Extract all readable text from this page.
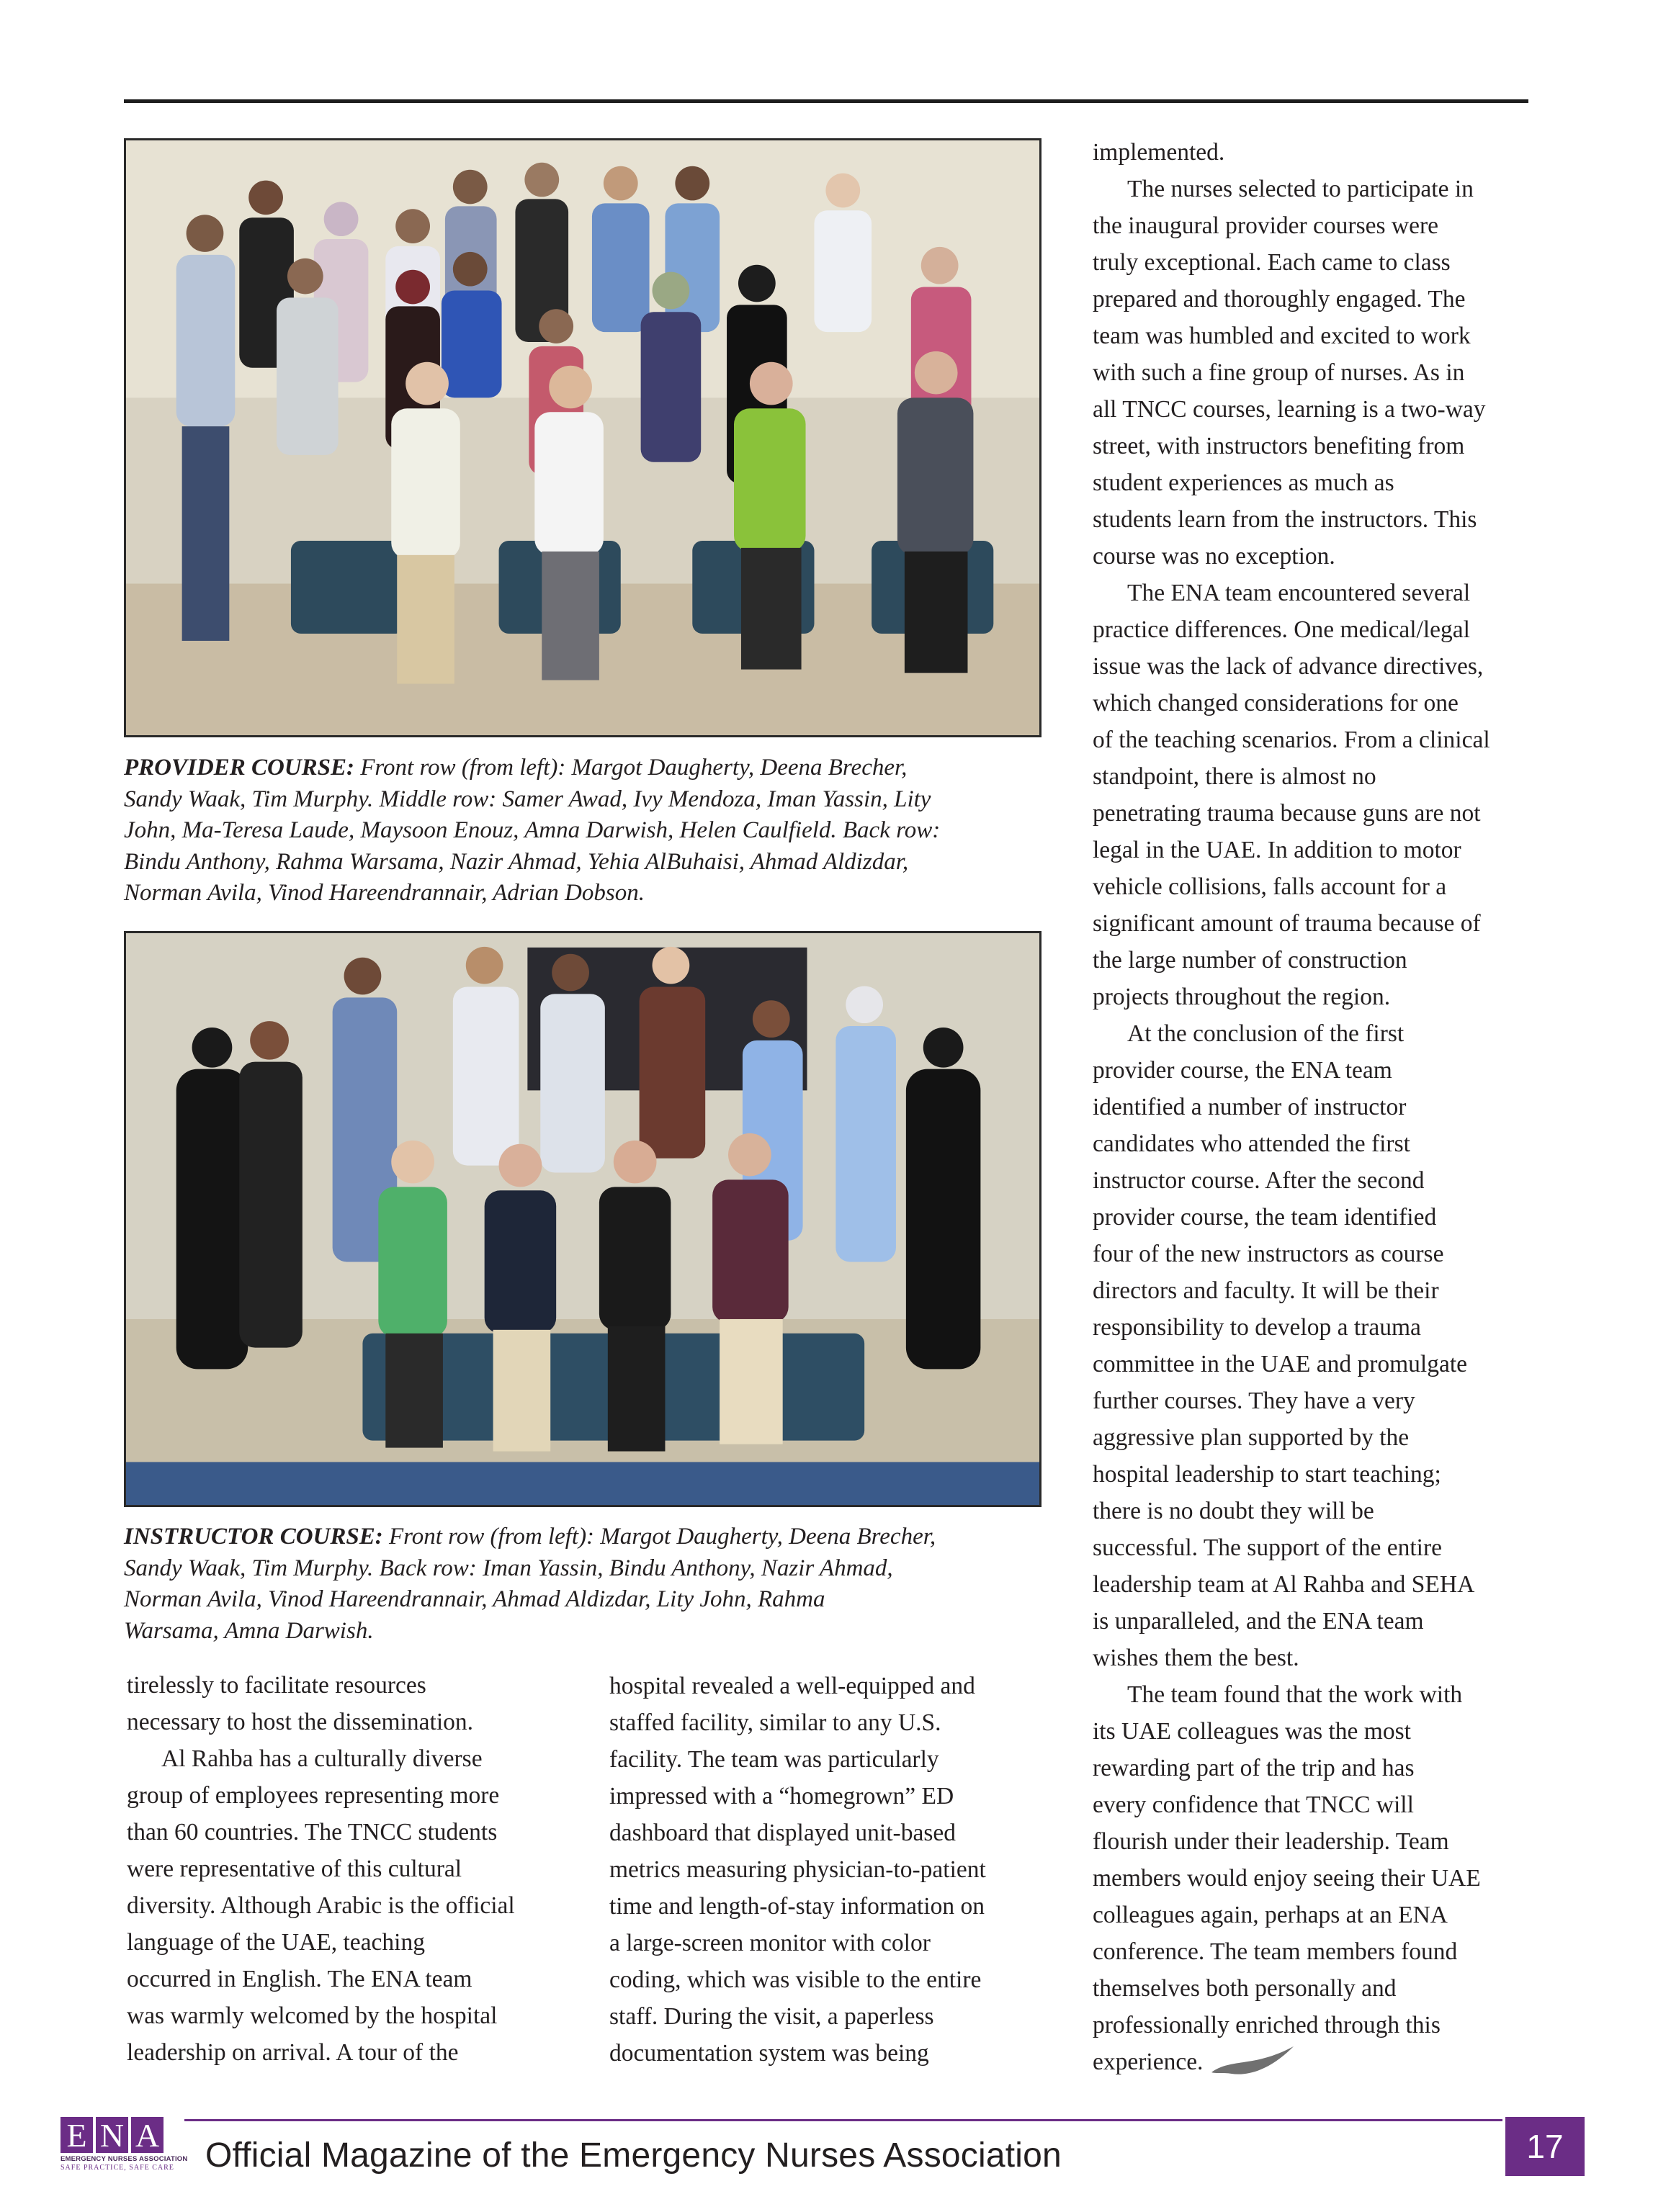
PROVIDER COURSE: Front row (from left): Margot Daugherty, Deena Brecher,
Sandy Waak, Tim Murphy. Middle row: Samer Awad, Ivy Mendoza, Iman Yassin, Lity
John, Ma-Teresa Laude, Maysoon Enouz, Amna Darwish, Helen Caulfield. Back row:
Bindu Anthony, Rahma Warsama, Nazir Ahmad, Yehia AlBuhaisi, Ahmad Aldizdar,
Norman Avila, Vinod Hareendrannair, Adrian Dobson.
INSTRUCTOR COURSE: Front row (from left): Margot Daugherty, Deena Brecher,
Sandy Waak, Tim Murphy. Back row: Iman Yassin, Bindu Anthony, Nazir Ahmad,
Norman Avila, Vinod Hareendrannair, Ahmad Aldizdar, Lity John, Rahma
Warsama, Amna Darwish.

tirelessly to facilitate resources
necessary to host the dissemination.

Al Rahba has a culturally diverse
group of employees representing more
than 60 countries. The TNCC students
were representative of this cultural
diversity. Although Arabic is the official
language of the UAE, teaching
occurred in English. The ENA team
was warmly welcomed by the hospital
leadership on arrival. A tour of the

hospital revealed a well-equipped and
staffed facility, similar to any U.S.
facility. The team was particularly
impressed with a “homegrown” ED
dashboard that displayed unit-based
metrics measuring physician-to-patient
time and length-of-stay information on
a large-screen monitor with color
coding, which was visible to the entire
staff. During the visit, a paperless
documentation system was being

implemented.

The nurses selected to participate in
the inaugural provider courses were
truly exceptional. Each came to class
prepared and thoroughly engaged. The
team was humbled and excited to work
with such a fine group of nurses. As in
all TNCC courses, learning is a two-way
street, with instructors benefiting from
student experiences as much as
students learn from the instructors. This
course was no exception.

The ENA team encountered several
practice differences. One medical/legal
issue was the lack of advance directives,
which changed considerations for one
of the teaching scenarios. From a clinical
standpoint, there is almost no
penetrating trauma because guns are not
legal in the UAE. In addition to motor
vehicle collisions, falls account for a
significant amount of trauma because of
the large number of construction
projects throughout the region.

At the conclusion of the first
provider course, the ENA team
identified a number of instructor
candidates who attended the first
instructor course. After the second
provider course, the team identified
four of the new instructors as course
directors and faculty. It will be their
responsibility to develop a trauma
committee in the UAE and promulgate
further courses. They have a very
aggressive plan supported by the
hospital leadership to start teaching;
there is no doubt they will be
successful. The support of the entire
leadership team at Al Rahba and SEHA
is unparalleled, and the ENA team
wishes them the best.

The team found that the work with
its UAE colleagues was the most
rewarding part of the trip and has
every confidence that TNCC will
flourish under their leadership. Team
members would enjoy seeing their UAE
colleagues again, perhaps at an ENA
conference. The team members found
themselves both personally and
professionally enriched through this
experience.

E N A
EMERGENCY NURSES ASSOCIATION
SAFE PRACTICE, SAFE CARE Official Magazine of the Emergency Nurses Association	17
